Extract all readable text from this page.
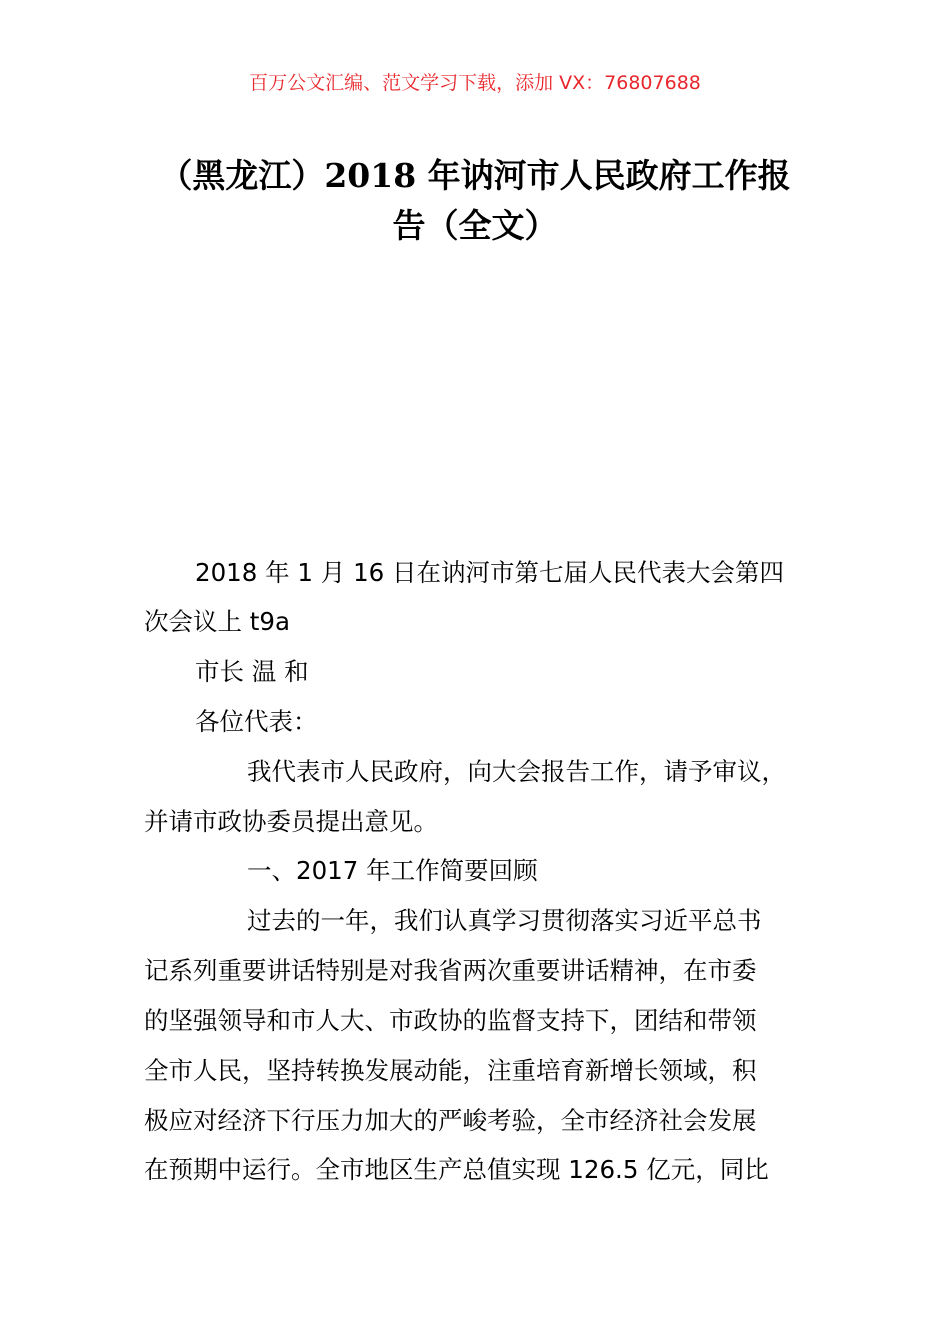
百万公文汇编、范文学习下载，添加 VX：76807688
（黑龙江）2018 年讷河市人民政府工作报
告（全文）
2018 年 1 月 16 日在讷河市第七届人民代表大会第四
次会议上 t9a
市长 温 和
各位代表：
我代表市人民政府，向大会报告工作，请予审议，
并请市政协委员提出意见。
一、2017 年工作简要回顾
过去的一年，我们认真学习贯彻落实习近平总书
记系列重要讲话特别是对我省两次重要讲话精神，在市委
的坚强领导和市人大、市政协的监督支持下，团结和带领
全市人民，坚持转换发展动能，注重培育新增长领域，积
极应对经济下行压力加大的严峻考验，全市经济社会发展
在预期中运行。全市地区生产总值实现 126.5 亿元，同比
